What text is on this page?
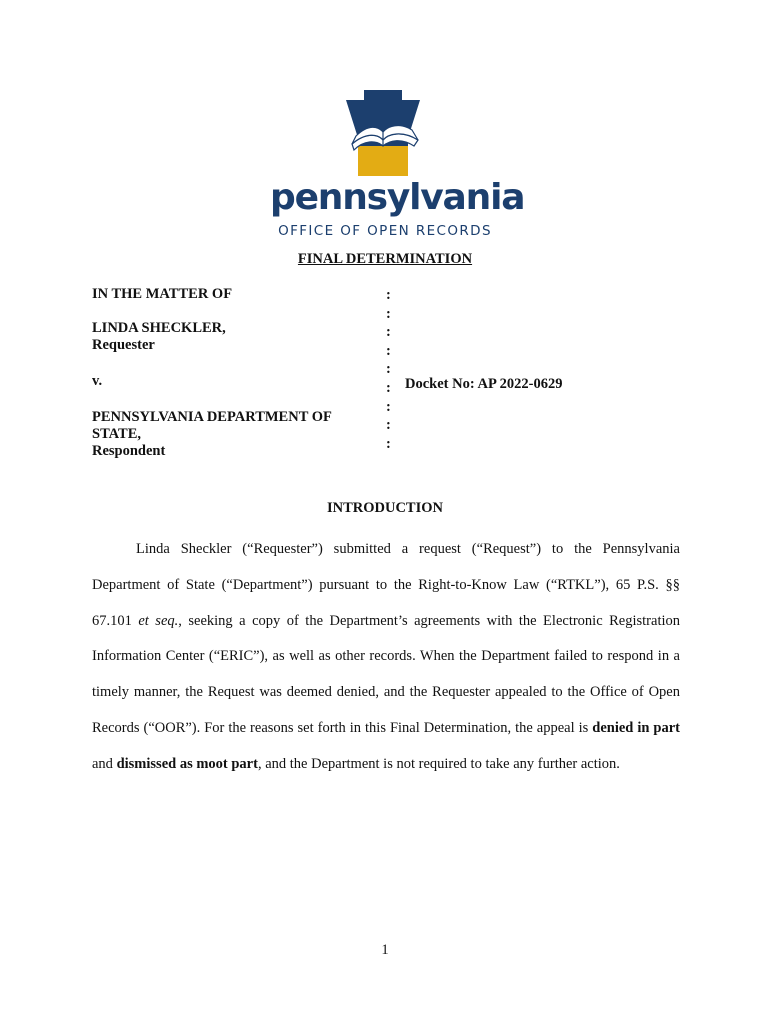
pennsylvania
OFFICE OF OPEN RECORDS
FINAL DETERMINATION
IN THE MATTER OF
LINDA SHECKLER,
Requester
v.
PENNSYLVANIA DEPARTMENT OF
STATE,
Respondent
:
:
:
:
:
:
:
:
:
Docket No: AP 2022-0629
INTRODUCTION

Linda Sheckler (“Requester”) submitted a request (“Request”) to the Pennsylvania Department of State (“Department”) pursuant to the Right-to-Know Law (“RTKL”), 65 P.S. §§ 67.101 et seq., seeking a copy of the Department’s agreements with the Electronic Registration Information Center (“ERIC”), as well as other records. When the Department failed to respond in a timely manner, the Request was deemed denied, and the Requester appealed to the Office of Open Records (“OOR”). For the reasons set forth in this Final Determination, the appeal is denied in part and dismissed as moot part, and the Department is not required to take any further action.

1
